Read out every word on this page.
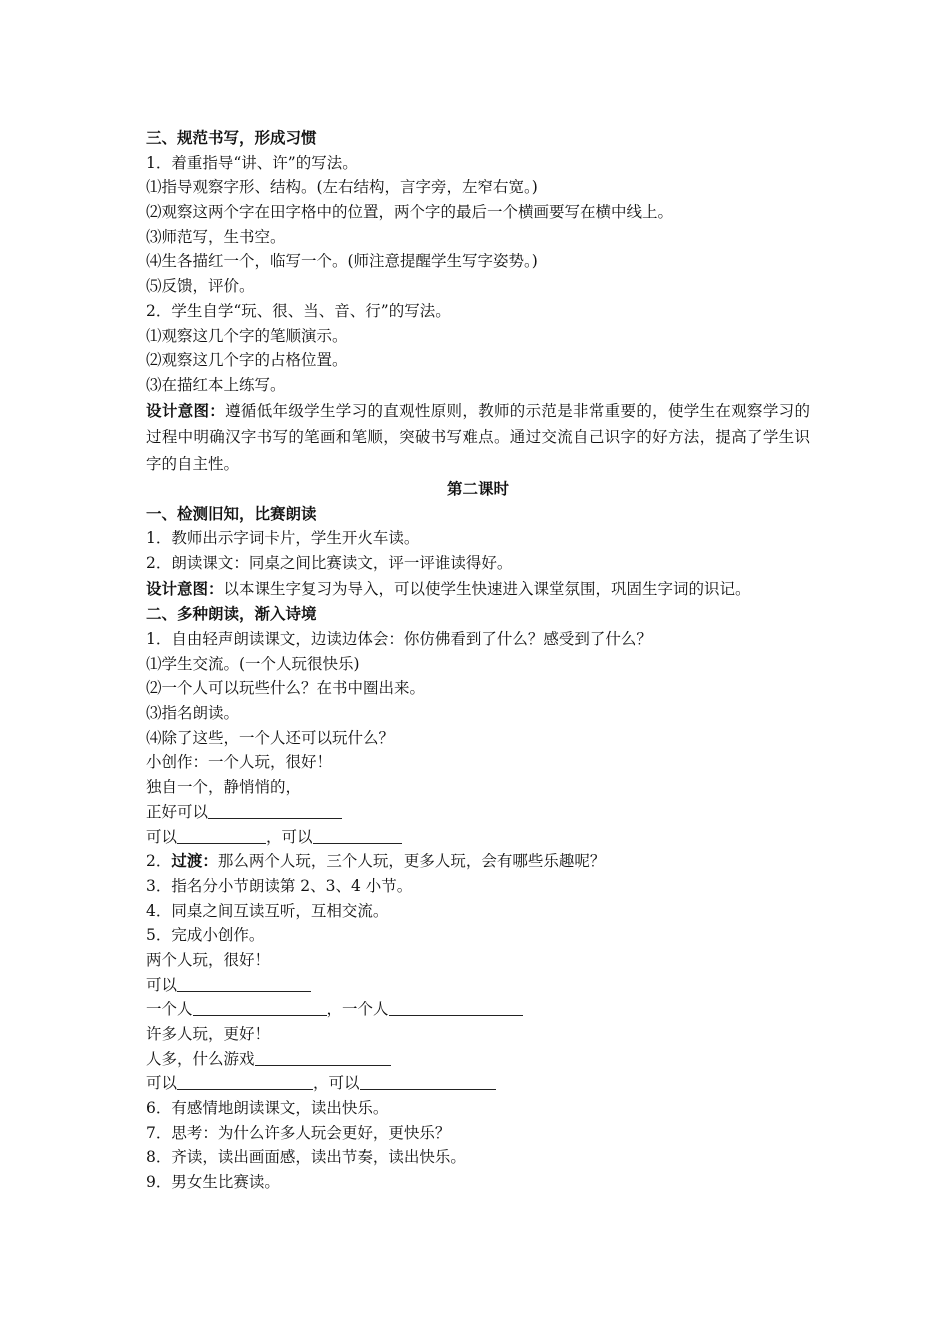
三、规范书写，形成习惯
1．着重指导“讲、许”的写法。
⑴指导观察字形、结构。(左右结构，言字旁，左窄右宽。)
⑵观察这两个字在田字格中的位置，两个字的最后一个横画要写在横中线上。
⑶师范写，生书空。
⑷生各描红一个，临写一个。(师注意提醒学生写字姿势。)
⑸反馈，评价。
2．学生自学“玩、很、当、音、行”的写法。
⑴观察这几个字的笔顺演示。
⑵观察这几个字的占格位置。
⑶在描红本上练写。
设计意图：遵循低年级学生学习的直观性原则，教师的示范是非常重要的，使学生在观察学习的过程中明确汉字书写的笔画和笔顺，突破书写难点。通过交流自己识字的好方法，提高了学生识字的自主性。
第二课时
一、检测旧知，比赛朗读
1．教师出示字词卡片，学生开火车读。
2．朗读课文：同桌之间比赛读文，评一评谁读得好。
设计意图：以本课生字复习为导入，可以使学生快速进入课堂氛围，巩固生字词的识记。
二、多种朗读，渐入诗境
1．自由轻声朗读课文，边读边体会：你仿佛看到了什么？感受到了什么？
⑴学生交流。(一个人玩很快乐)
⑵一个人可以玩些什么？在书中圈出来。
⑶指名朗读。
⑷除了这些，一个人还可以玩什么？
小创作：一个人玩，很好！
独自一个，静悄悄的，
正好可以
可以	，可以
2．过渡：那么两个人玩，三个人玩，更多人玩，会有哪些乐趣呢？
3．指名分小节朗读第 2、3、4 小节。
4．同桌之间互读互听，互相交流。
5．完成小创作。
两个人玩，很好！
可以
一个人	，一个人
许多人玩，更好！
人多，什么游戏
可以	，可以
6．有感情地朗读课文，读出快乐。
7．思考：为什么许多人玩会更好，更快乐？
8．齐读，读出画面感，读出节奏，读出快乐。
9．男女生比赛读。
